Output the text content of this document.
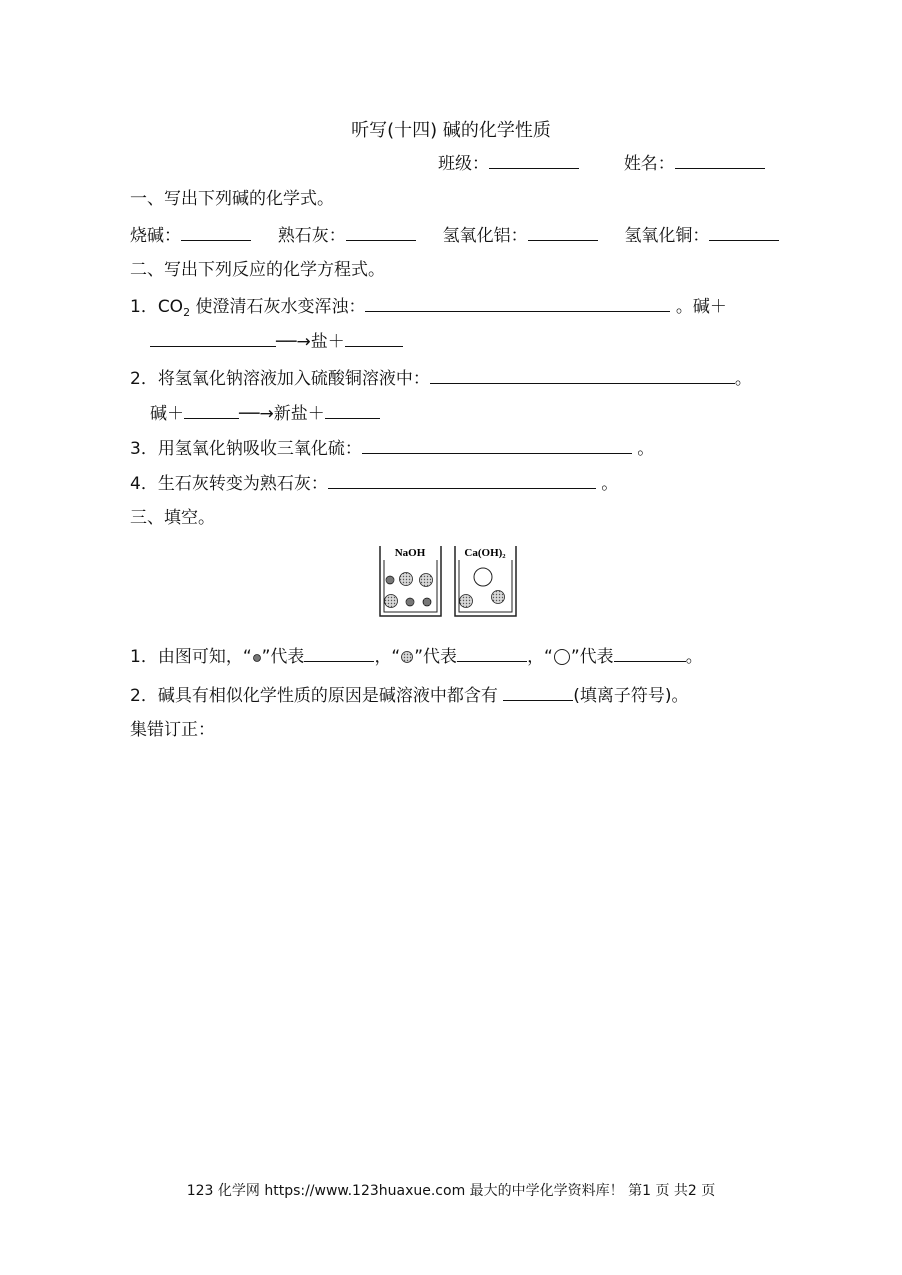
听写(十四) 碱的化学性质
班级：	姓名：
一、写出下列碱的化学式。
烧碱：	熟石灰：	氢氧化铝：	氢氧化铜：
二、写出下列反应的化学方程式。
1．$CO_2$ 使澄清石灰水变浑浊：	。碱＋
──→盐＋
2．将氢氧化钠溶液加入硫酸铜溶液中：	。
碱＋	──→新盐＋
3．用氢氧化钠吸收三氧化硫：	。
4．生石灰转变为熟石灰：	。
三、填空。
NaOH	Ca(OH)₂
1．由图可知，“ ”代表	，“ ”代表	，“ ”代表	。
2．碱具有相似化学性质的原因是碱溶液中都含有	(填离子符号)。
集错订正：
123 化学网 https://www.123huaxue.com 最大的中学化学资料库！ 第1 页 共2 页
